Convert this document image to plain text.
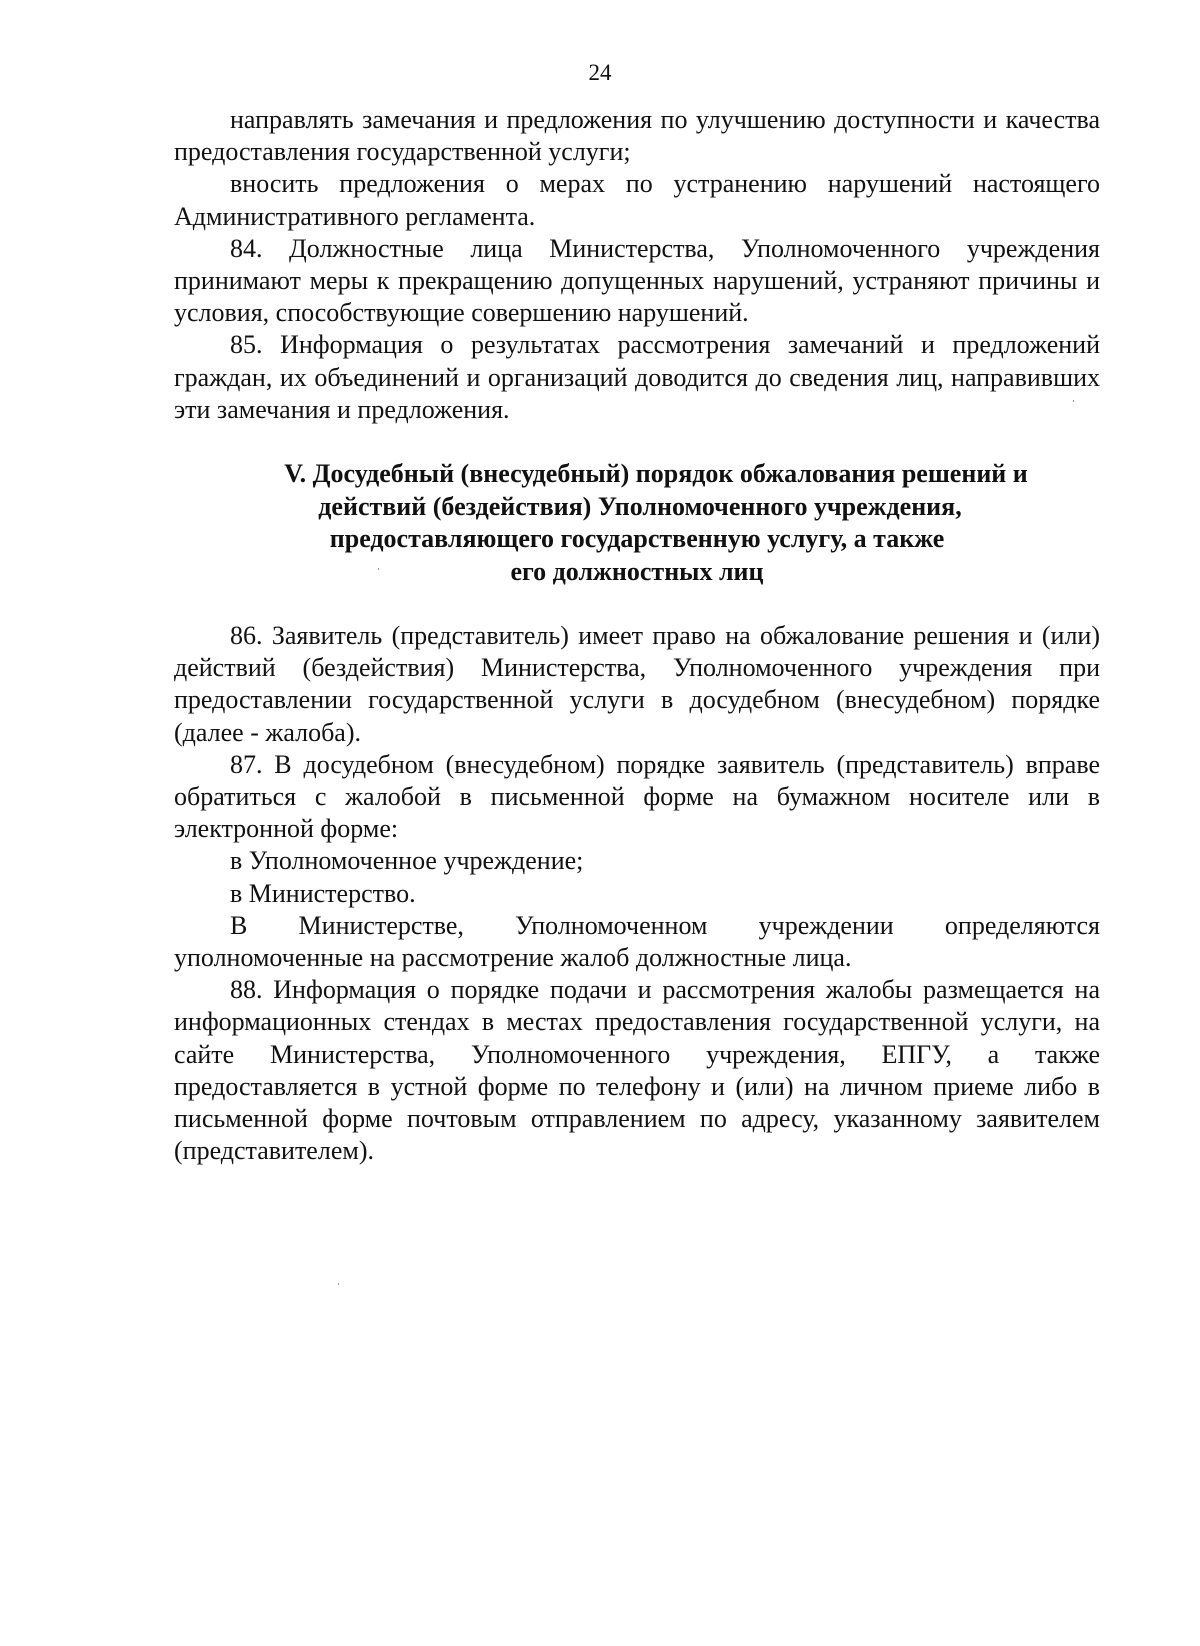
24

направлять замечания и предложения по улучшению доступности и качества предоставления государственной услуги;

вносить предложения о мерах по устранению нарушений настоящего Административного регламента.

84. Должностные лица Министерства, Уполномоченного учреждения принимают меры к прекращению допущенных нарушений, устраняют причины и условия, способствующие совершению нарушений.

85. Информация о результатах рассмотрения замечаний и предложений граждан, их объединений и организаций доводится до сведения лиц, направивших эти замечания и предложения.

V. Досудебный (внесудебный) порядок обжалования решений и
действий (бездействия) Уполномоченного учреждения,
предоставляющего государственную услугу, а также
его должностных лиц

86. Заявитель (представитель) имеет право на обжалование решения и (или) действий (бездействия) Министерства, Уполномоченного учреждения при предоставлении государственной услуги в досудебном (внесудебном) порядке (далее - жалоба).

87. В досудебном (внесудебном) порядке заявитель (представитель) вправе обратиться с жалобой в письменной форме на бумажном носителе или в электронной форме:

в Уполномоченное учреждение;

в Министерство.

В Министерстве, Уполномоченном учреждении определяются уполномоченные на рассмотрение жалоб должностные лица.

88. Информация о порядке подачи и рассмотрения жалобы размещается на информационных стендах в местах предоставления государственной услуги, на сайте Министерства, Уполномоченного учреждения, ЕПГУ, а также предоставляется в устной форме по телефону и (или) на личном приеме либо в письменной форме почтовым отправлением по адресу, указанному заявителем (представителем).
